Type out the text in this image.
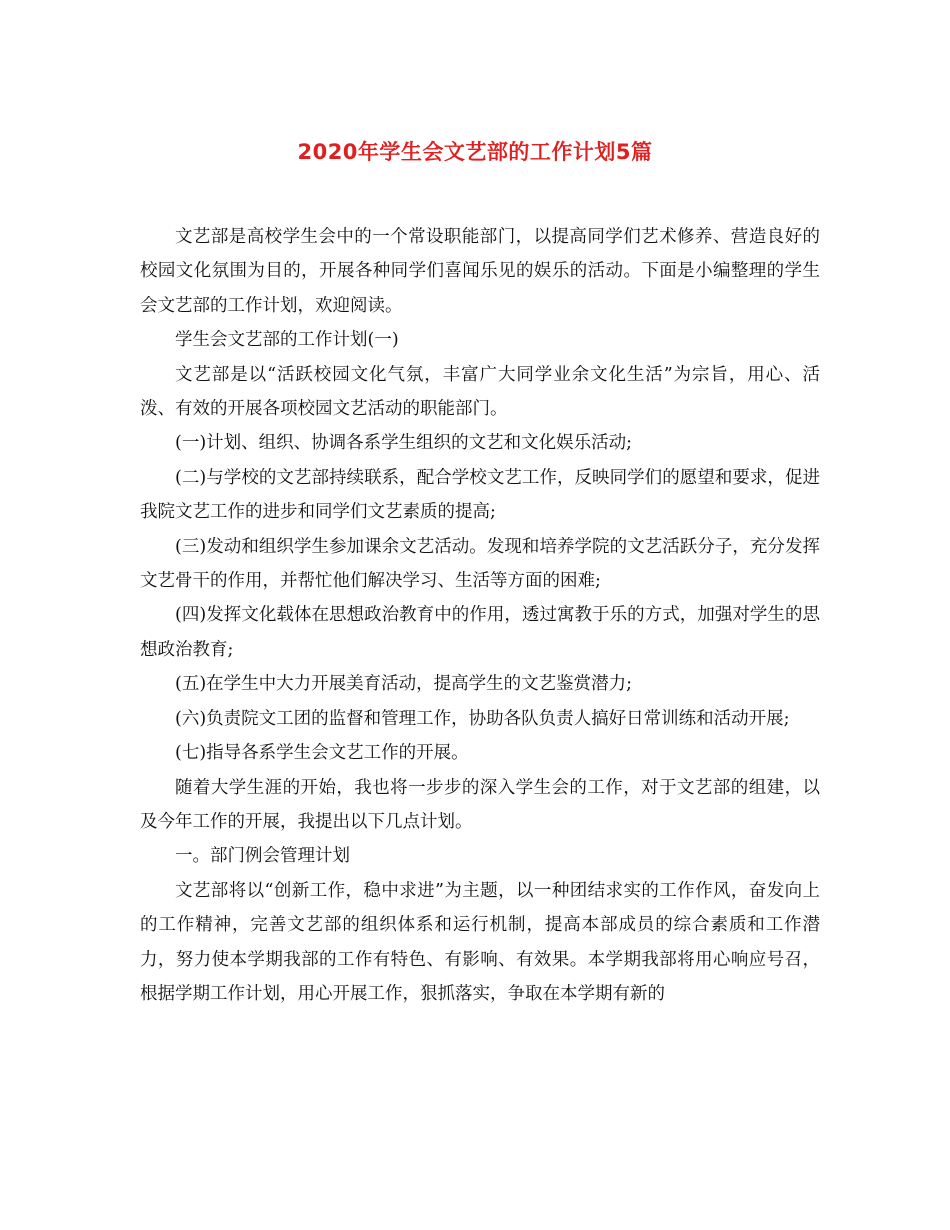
2020年学生会文艺部的工作计划5篇

文艺部是高校学生会中的一个常设职能部门，以提高同学们艺术修养、营造良好的校园文化氛围为目的，开展各种同学们喜闻乐见的娱乐的活动。下面是小编整理的学生会文艺部的工作计划，欢迎阅读。

学生会文艺部的工作计划(一)

文艺部是以“活跃校园文化气氛，丰富广大同学业余文化生活”为宗旨，用心、活泼、有效的开展各项校园文艺活动的职能部门。

(一)计划、组织、协调各系学生组织的文艺和文化娱乐活动;

(二)与学校的文艺部持续联系，配合学校文艺工作，反映同学们的愿望和要求，促进我院文艺工作的进步和同学们文艺素质的提高;

(三)发动和组织学生参加课余文艺活动。发现和培养学院的文艺活跃分子，充分发挥文艺骨干的作用，并帮忙他们解决学习、生活等方面的困难;

(四)发挥文化载体在思想政治教育中的作用，透过寓教于乐的方式，加强对学生的思想政治教育;

(五)在学生中大力开展美育活动，提高学生的文艺鉴赏潜力;

(六)负责院文工团的监督和管理工作，协助各队负责人搞好日常训练和活动开展;

(七)指导各系学生会文艺工作的开展。

随着大学生涯的开始，我也将一步步的深入学生会的工作，对于文艺部的组建，以及今年工作的开展，我提出以下几点计划。

一。部门例会管理计划

文艺部将以“创新工作，稳中求进”为主题，以一种团结求实的工作作风，奋发向上的工作精神，完善文艺部的组织体系和运行机制，提高本部成员的综合素质和工作潜力，努力使本学期我部的工作有特色、有影响、有效果。本学期我部将用心响应号召，根据学期工作计划，用心开展工作，狠抓落实，争取在本学期有新的
